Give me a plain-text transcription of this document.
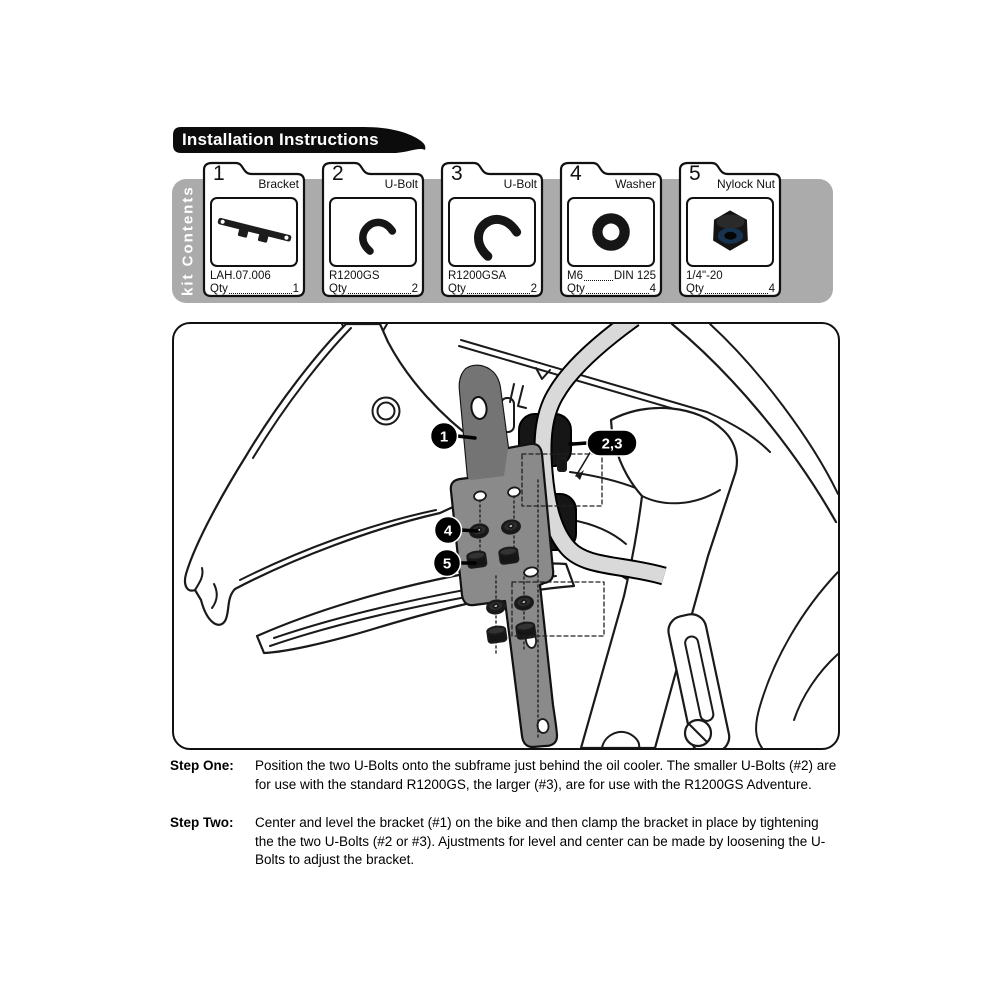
Installation Instructions
kit Contents
1	Bracket
LAH.07.006
Qty	1
2	U-Bolt
R1200GS
Qty	2
3	U-Bolt
R1200GSA
Qty	2
4	Washer
M6	DIN 125
Qty	4
5 Nylock Nut
1/4"-20
Qty	4
1	2,3
4
5
Step One:	Position the two U-Bolts onto the subframe just behind the oil cooler. The smaller U-Bolts (#2) are for use with the standard R1200GS, the larger (#3), are for use with the R1200GS Adventure.
Step Two:	Center and level the bracket (#1) on the bike and then clamp the bracket in place by tightening the the two U-Bolts (#2 or #3). Ajustments for level and center can be made by loosening the U-Bolts to adjust the bracket.
